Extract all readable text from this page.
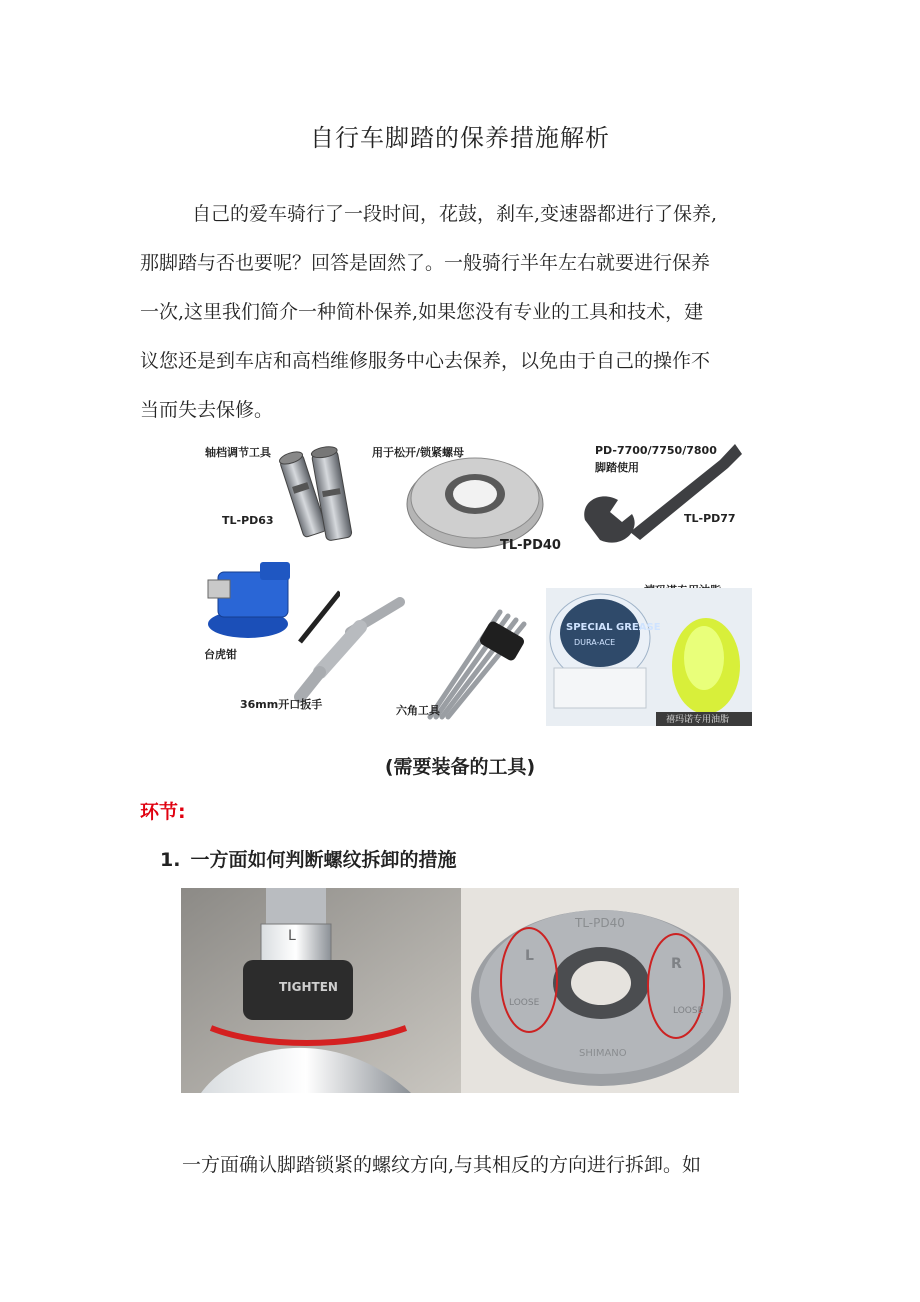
自行车脚踏的保养措施解析

自己的爱车骑行了一段时间，花鼓，刹车,变速器都进行了保养,

那脚踏与否也要呢？回答是固然了。一般骑行半年左右就要进行保养

一次,这里我们简介一种简朴保养,如果您没有专业的工具和技术，建

议您还是到车店和高档维修服务中心去保养，以免由于自己的操作不

当而失去保修。

轴档调节工具
TL-PD63
用于松开/锁紧螺母
TL-PD40
PD-7700/7750/7800
脚踏使用
TL-PD77
台虎钳
36mm开口扳手	六角工具
SPECIAL GREASE
DURA-ACE
禧玛诺专用油脂
(需要装备的工具)
环节:
1. 一方面如何判断螺纹拆卸的措施
TIGHTEN
L
TL-PD40
L	R
LOOSE
LOOSE
SHIMANO
一方面确认脚踏锁紧的螺纹方向,与其相反的方向进行拆卸。如
